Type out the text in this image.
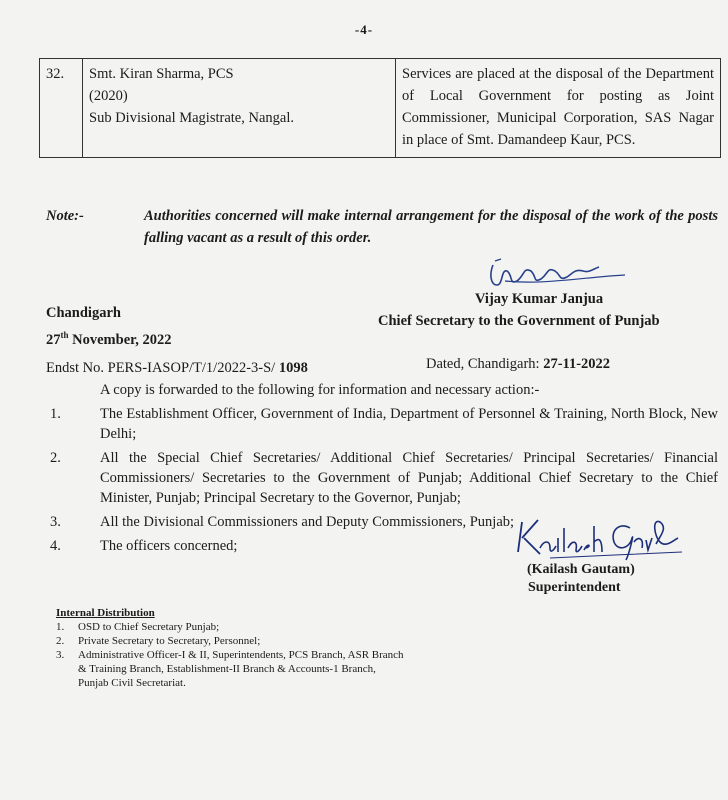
-4-
32.	Smt. Kiran Sharma, PCS
(2020)
Sub Divisional Magistrate, Nangal.
	Services are placed at the disposal of the Department of Local Government for posting as Joint Commissioner, Municipal Corporation, SAS Nagar in place of Smt. Damandeep Kaur, PCS.
Note:-	Authorities concerned will make internal arrangement for the disposal of the work of the posts falling vacant as a result of this order.
Chandigarh
27th November, 2022
Vijay Kumar Janjua
Chief Secretary to the Government of Punjab
Endst No. PERS-IASOP/T/1/2022-3-S/ 1098	Dated, Chandigarh: 27-11-2022
A copy is forwarded to the following for information and necessary action:-
1.	The Establishment Officer, Government of India, Department of Personnel & Training, North Block, New Delhi;
2.	All the Special Chief Secretaries/ Additional Chief Secretaries/ Principal Secretaries/ Financial Commissioners/ Secretaries to the Government of Punjab; Additional Chief Secretary to the Chief Minister, Punjab; Principal Secretary to the Governor, Punjab;
3.	All the Divisional Commissioners and Deputy Commissioners, Punjab;
4.	The officers concerned;
(Kailash Gautam)
Superintendent
Internal Distribution
1. OSD to Chief Secretary Punjab;
2. Private Secretary to Secretary, Personnel;
3. Administrative Officer-I & II, Superintendents, PCS Branch, ASR Branch & Training Branch, Establishment-II Branch & Accounts-1 Branch, Punjab Civil Secretariat.
